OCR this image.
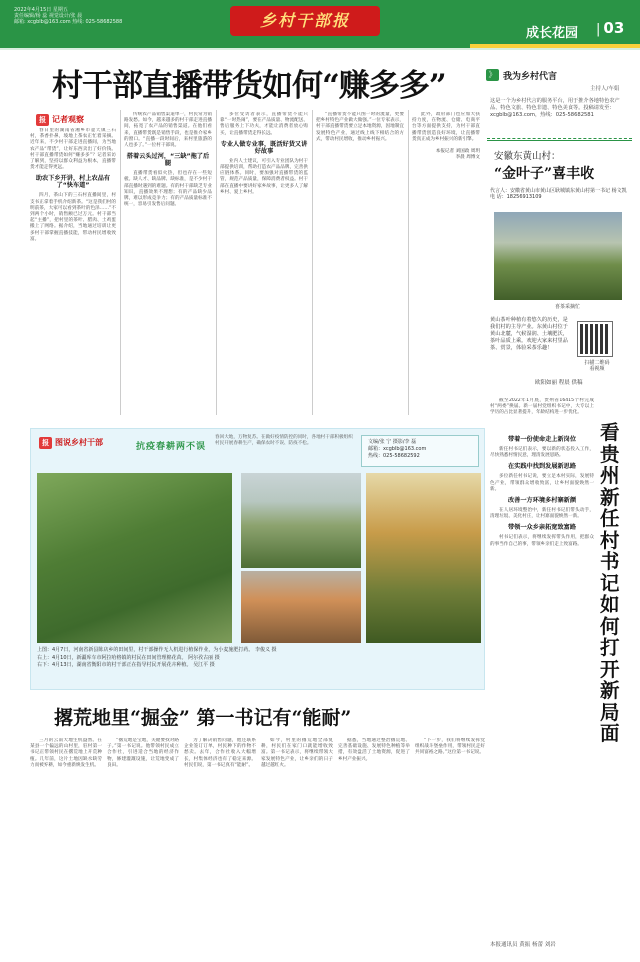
2022年4月15日 星期五
责任编辑/杨 蕊 视觉设计/张 晨
邮箱: xcgblb@163.com 热线: 025-58682588	乡村干部报
成长花园 | 03
村干部直播带货如何“赚多多”
报 记者观察

春日里的湖南省湘乡市壶天镇三石村，茶香扑鼻，坡地上茶农正忙着采摘。近年来，不少村干部走进直播间，为当地农产品“带货”，让好东西卖出了好价钱。村干部直播带货如何“赚多多”？记者采访了解到，坚持以群众利益为根本，直播带货才能走得更远。

助农下乡开讲，村上农品有了“快车道”

四月，茶山下的三石村直播间里，村支书正拿着手机介绍新茶。“这是我们村的明前茶，大家可以看到茶叶的色泽……”不到两个小时，销售额已过万元。村干部当起“主播”，把村里的茶叶、腊肉、土鸡蛋搬上了网络。据介绍，当地通过培训让更多村干部掌握直播技能，带动村民增收致富。

传统农产品销售渠道单一，村民常为销路发愁。如今，越来越多的村干部走进直播间，拓宽了农产品的销售渠道。在他们看来，直播带货既是销售手段，也是推介家乡的窗口。“直播一段时间后，来村里旅游的人也多了。”一位村干部说。

搭着云头过河，“三缺”拖了后腿

直播带货看似火热，但也存在一些短板。缺人才、缺品牌、缺标准，是不少村干部直播时遇到的难题。有的村干部缺乏专业知识，直播效果不理想；有的产品缺少品牌，难以形成竞争力；有的产品质量标准不统一，容易引发售后问题。

多位受访者表示，直播带货不能只靠“一时热闹”，要在产品质量、物流配送、售后服务上下功夫，才能让消费者放心购买，让直播带货走得长远。

专业人做专业事，既活好货又讲好故事

业内人士建议，可引入专业团队为村干部提供培训，帮助打造农产品品牌，完善供应链体系。同时，要加强对直播带货的监管，规范产品质量，保障消费者权益。村干部在直播中要讲好家乡故事，让更多人了解乡村、爱上乡村。

“直播带货不能只图一时的流量，更要把乡村特色产业做大做强。”一位专家表示，村干部直播带货要立足本地资源，因地制宜发展特色产业，通过线上线下相结合的方式，带动村民增收，推动乡村振兴。

此外，政府部门也应加大扶持力度，在物流、仓储、电商平台等方面提供支持，为村干部直播带货创造良好环境，让直播带货真正成为乡村振兴的新引擎。

本报记者 刘国政 周玥
李晨 周博文

》 我为乡村代言
主持人/车娟
这是一个为乡村代言的服务平台，用于推介各地特色农产品、特色文旅、特色非遗、特色美食等。投稿请发至：xcgblb@163.com，热线：025-58682581
安徽东黄山村：
“金叶子”喜丰收
代言人：安徽省黄山市黄山区耿城镇东黄山村第一书记 杨文凯
电 话：18256913109
喜茶采摘忙
黄山茶叶种植有着悠久的历史，是我们村的主导产业。东黄山村位于黄山北麓，气候湿润、土壤肥沃，茶叶品质上乘。欢迎大家来村里品茶、赏景，体验采茶乐趣！
扫描二维码
看视频
欧阳如丽 程晨 供稿
报 图说乡村干部	抗疫春耕两不误
春回大地，万物复苏。在做好疫情防控的同时，各地村干部积极组织村民开展春耕生产，确保农时不误、防疫不松。	文编/张 宁 摄影/李 磊
邮箱：xcgblb@163.com
热线：025-58682592
上图：4月7日，河南省新县陈店乡的田间里，村干部操作无人机进行植保作业，为小麦施肥打药。 李俊义 摄
右上：4月10日，新疆库车市阿拉哈格镇的村民在田间管理棉花苗。 阿尔孜古丽 摄
右下：4月13日，湖南省衡阳市的村干部正在指导村民开展花卉种植。 吴江平 摄

截至2022年1月底，贵州省16415个村完成村“两委”换届。新一届村党组织书记中，大专以上学历的占比显著提升，年龄结构进一步优化。

看贵州新任村书记如何打开新局面
带着一份使命走上新岗位

新任村书记们表示，要以新的状态投入工作，尽快熟悉村情民意，理清发展思路。

在实践中找到发展新思路

多位新任村书记说，要立足本村实际，发展特色产业，带领群众增收致富，让乡村面貌焕然一新。

改善一方环境多村寨新颜

在人居环境整治中，新任村书记们带头动手，清理垃圾、美化村庄，让村寨面貌焕然一新。

带领一众乡亲拓宽致富路

村书记们表示，将继续发挥带头作用，把群众的事当作自己的事，带领乡亲们走上致富路。

本报通讯员 黄振 杨蕾 刘岩
撂荒地里“掘金” 第一书记有“能耐”

三月的云南大地生机盎然。在某县一个偏远的山村里，驻村第一书记正带领村民在撂荒地上开荒种植。几年前，这片土地因缺水缺劳力而被弃耕，如今重新焕发生机。

“撂荒地是宝地，关键要找对路子。”第一书记说。他带领村民成立合作社，引进适合当地的经济作物，修建灌溉设施，让荒地变成了良田。

为了解决销售问题，他还联系企业签订订单，村民种下的作物不愁卖。去年，合作社收入大幅增长，村集体经济也有了稳定来源。村民们说，第一书记真有“能耐”。

如今，村里的撂荒地全部复耕，村民们在家门口就能增收致富。第一书记表示，将继续带领大家发展特色产业，让乡亲们的日子越过越红火。

据悉，当地通过整治撂荒地、完善基础设施、发展特色种植等举措，有效盘活了土地资源，促进了乡村产业振兴。

“下一步，我们将继续发挥党组织战斗堡垒作用，带领村民走好共同富裕之路。”这位第一书记说。
